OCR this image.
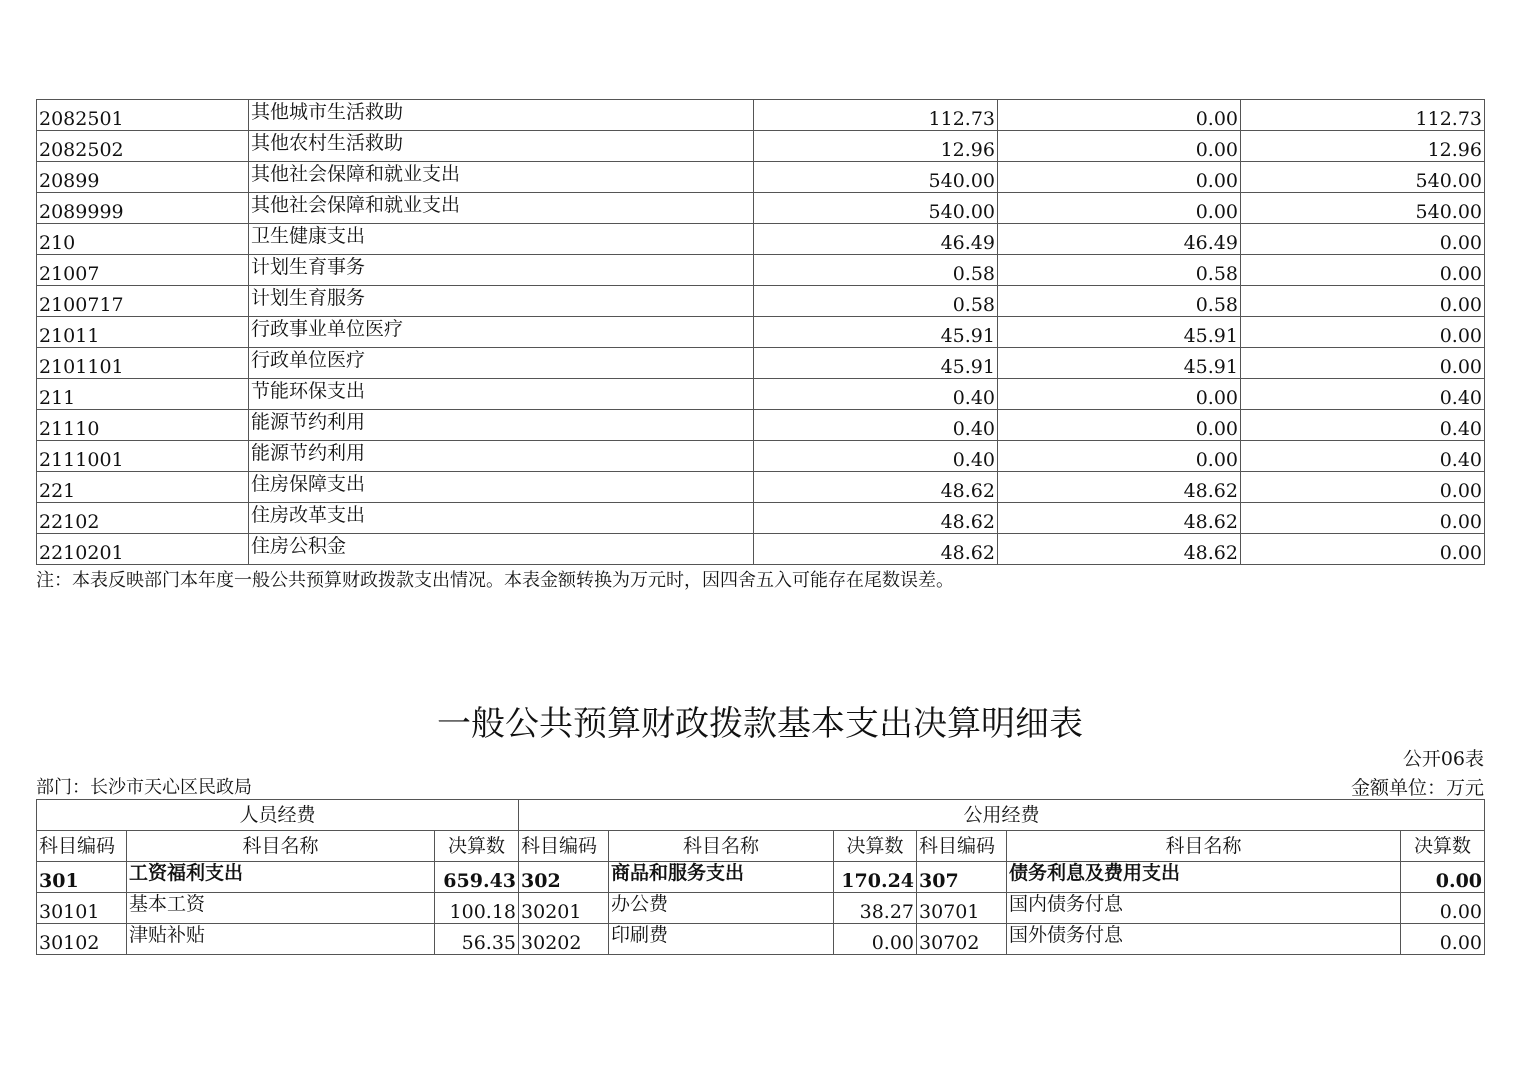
2082501	其他城市生活救助	112.73	0.00	112.73
2082502	其他农村生活救助	12.96	0.00	12.96
20899	其他社会保障和就业支出	540.00	0.00	540.00
2089999	其他社会保障和就业支出	540.00	0.00	540.00
210	卫生健康支出	46.49	46.49	0.00
21007	计划生育事务	0.58	0.58	0.00
2100717	计划生育服务	0.58	0.58	0.00
21011	行政事业单位医疗	45.91	45.91	0.00
2101101	行政单位医疗	45.91	45.91	0.00
211	节能环保支出	0.40	0.00	0.40
21110	能源节约利用	0.40	0.00	0.40
2111001	能源节约利用	0.40	0.00	0.40
221	住房保障支出	48.62	48.62	0.00
22102	住房改革支出	48.62	48.62	0.00
2210201	住房公积金	48.62	48.62	0.00
注：本表反映部门本年度一般公共预算财政拨款支出情况。本表金额转换为万元时，因四舍五入可能存在尾数误差。
一般公共预算财政拨款基本支出决算明细表
公开06表
部门：长沙市天心区民政局	金额单位：万元
人员经费			公用经费					
科目编码	科目名称	决算数	科目编码	科目名称	决算数	科目编码	科目名称	决算数
301	工资福利支出	659.43	302	商品和服务支出	170.24	307	债务利息及费用支出	0.00
30101	基本工资	100.18	30201	办公费	38.27	30701	国内债务付息	0.00
30102	津贴补贴	56.35	30202	印刷费	0.00	30702	国外债务付息	0.00
